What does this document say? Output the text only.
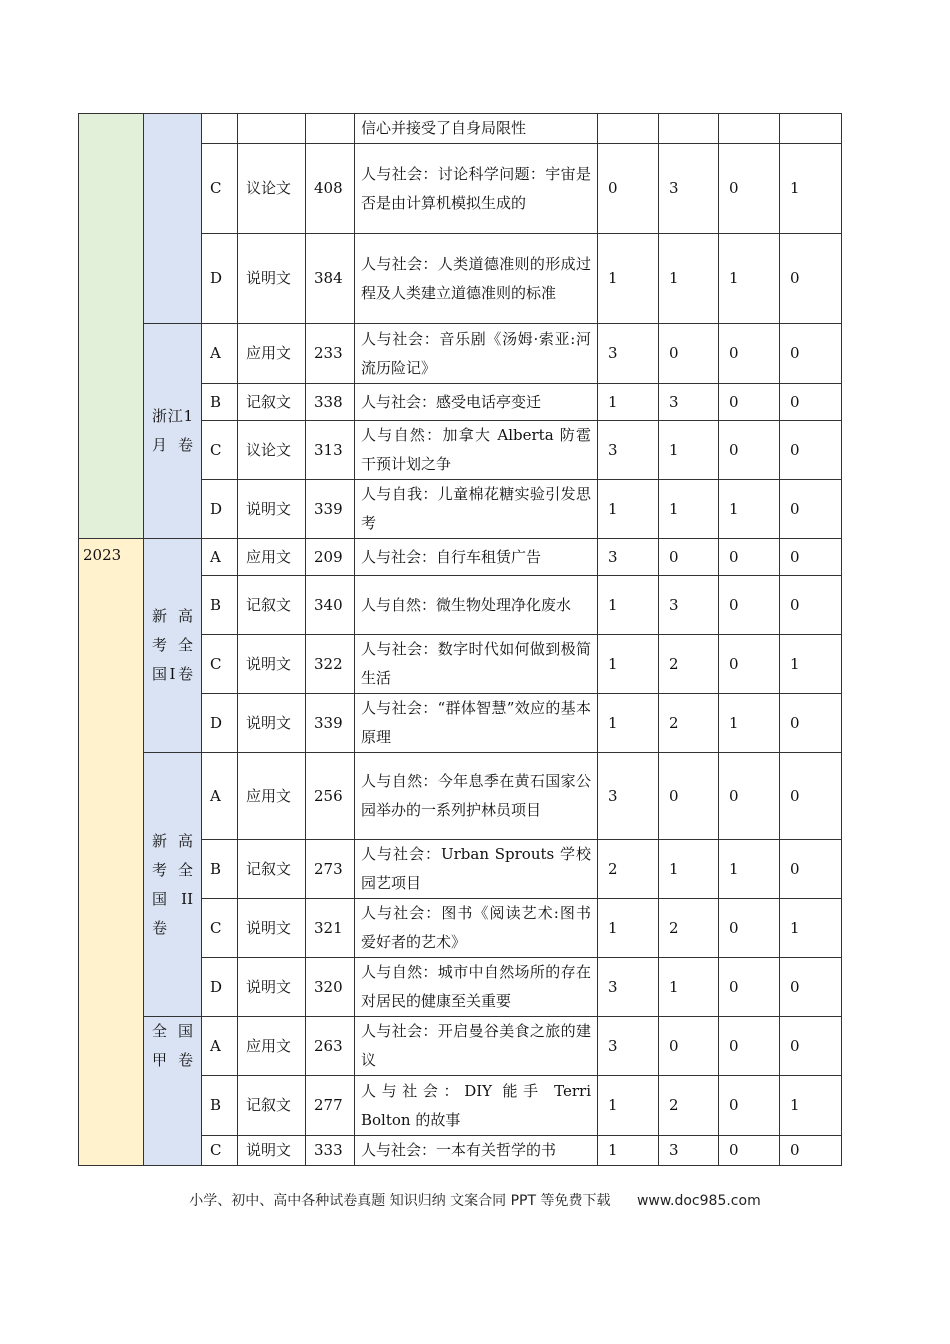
					信心并接受了自身局限性				
		C	议论文	408	人与社会：讨论科学问题：宇宙是否是由计算机模拟生成的	0	3	0	1
		D	说明文	384	人与社会：人类道德准则的形成过程及人类建立道德准则的标准	1	1	1	0
	浙江1月卷	A	应用文	233	人与社会：音乐剧《汤姆·索亚:河流历险记》	3	0	0	0
		B	记叙文	338	人与社会：感受电话亭变迁	1	3	0	0
		C	议论文	313	人与自然：加拿大 Alberta 防雹干预计划之争	3	1	0	0
		D	说明文	339	人与自我：儿童棉花糖实验引发思考	1	1	1	0
2023	新高考全国I卷	A	应用文	209	人与社会：自行车租赁广告	3	0	0	0
		B	记叙文	340	人与自然：微生物处理净化废水	1	3	0	0
		C	说明文	322	人与社会：数字时代如何做到极简生活	1	2	0	1
		D	说明文	339	人与社会：“群体智慧”效应的基本原理	1	2	1	0
	新高考全国II卷	A	应用文	256	人与自然：今年息季在黄石国家公园举办的一系列护林员项目	3	0	0	0
		B	记叙文	273	人与社会：Urban Sprouts 学校园艺项目	2	1	1	0
		C	说明文	321	人与社会：图书《阅读艺术:图书爱好者的艺术》	1	2	0	1
		D	说明文	320	人与自然：城市中自然场所的存在对居民的健康至关重要	3	1	0	0
	全国甲卷	A	应用文	263	人与社会：开启曼谷美食之旅的建议	3	0	0	0
		B	记叙文	277	人与社会：DIY 能手 Terri Bolton 的故事	1	2	0	1
		C	说明文	333	人与社会：一本有关哲学的书	1	3	0	0
小学、初中、高中各种试卷真题 知识归纳 文案合同 PPT 等免费下载 www.doc985.com
